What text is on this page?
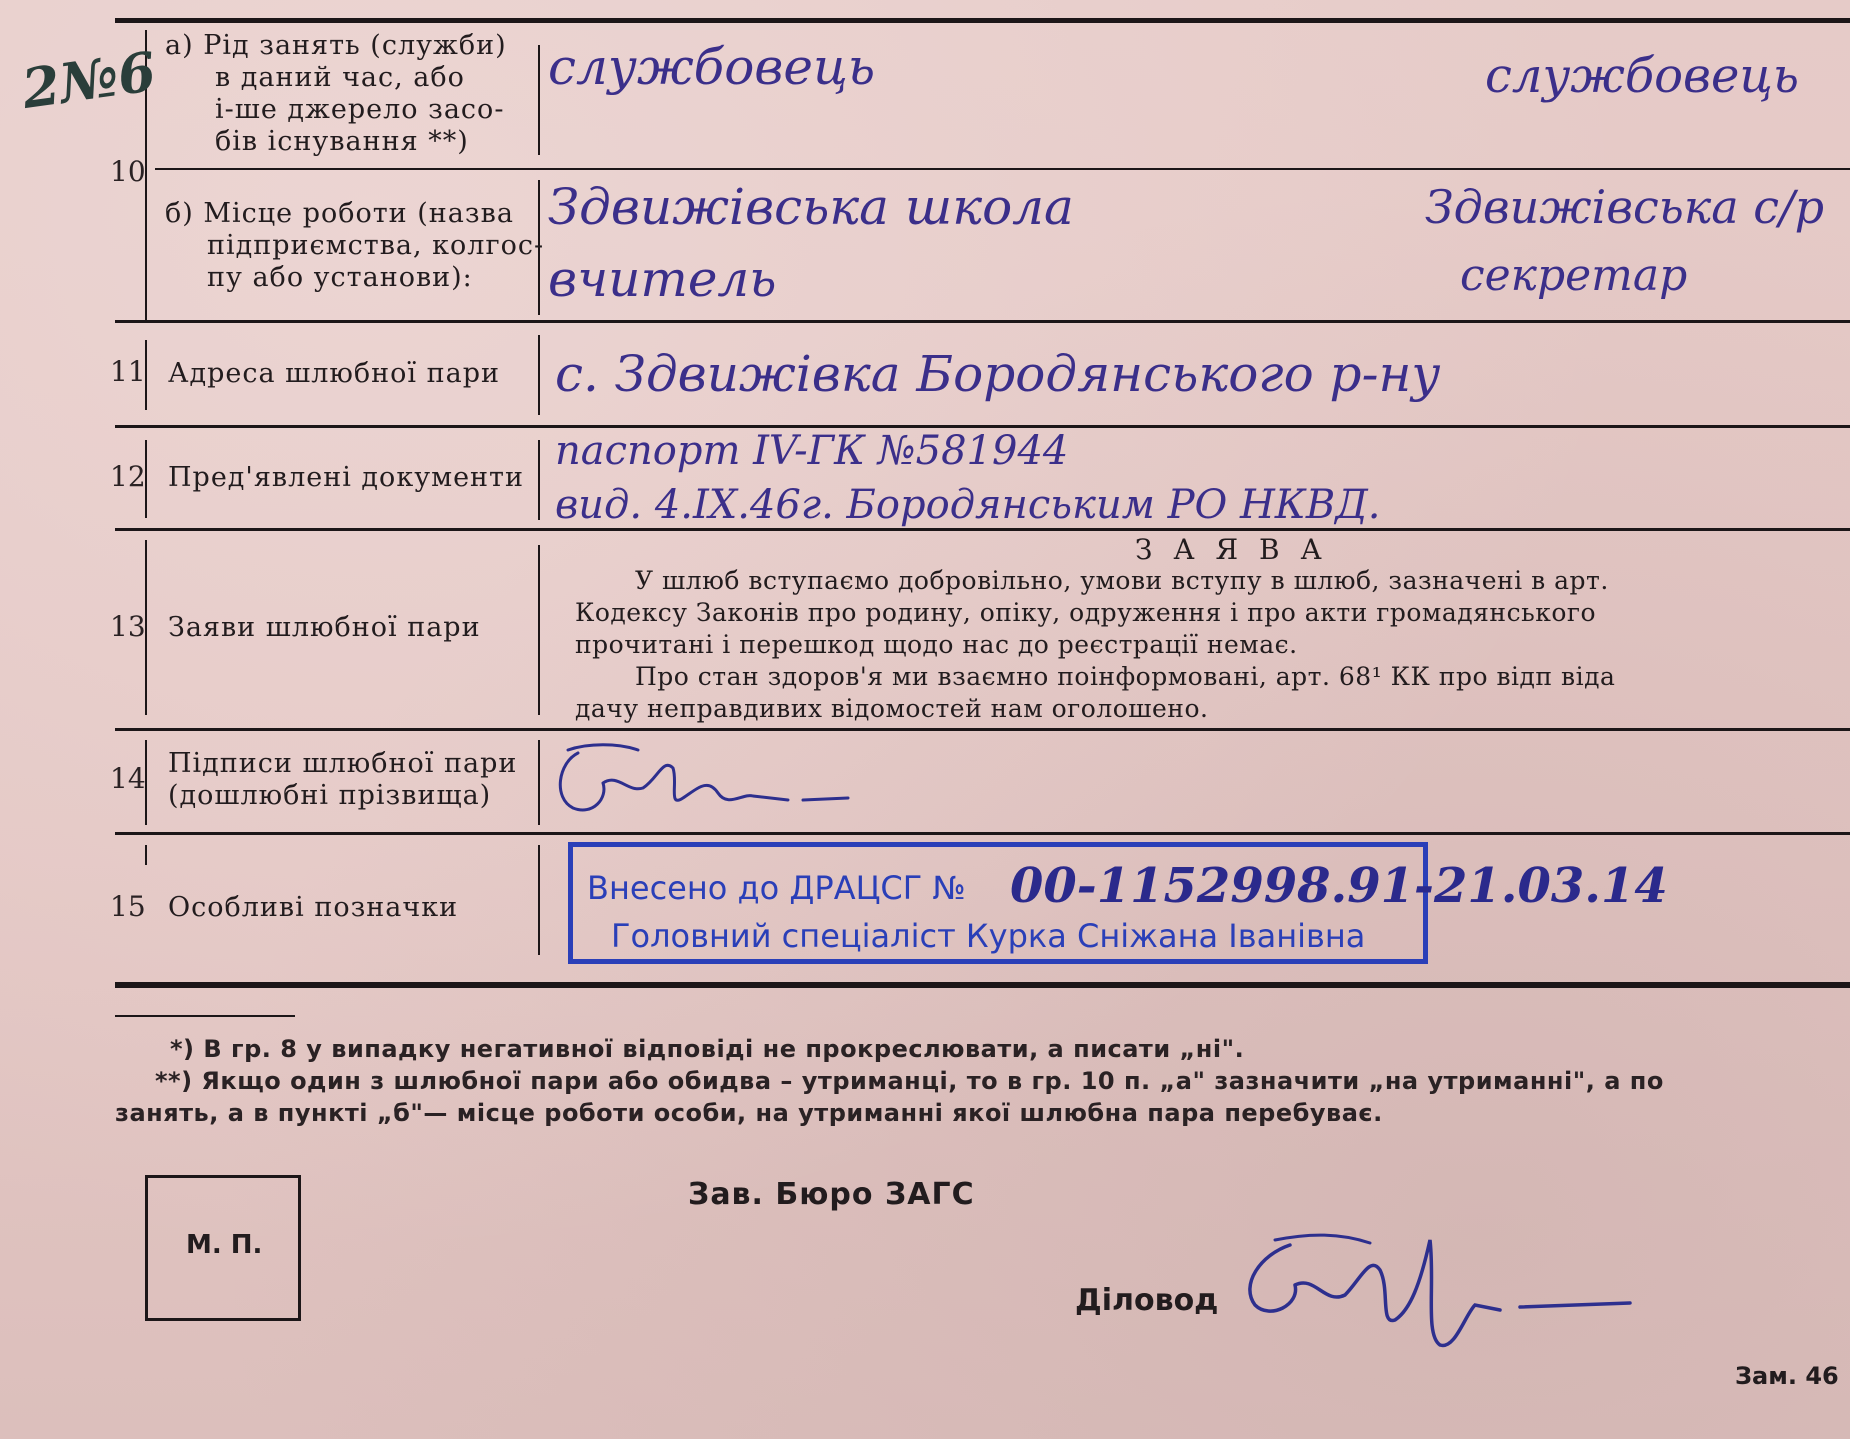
2№6
10
а) Рід занять (служби)
в даний час, або
і-ше джерело засо-
бів існування **)
службовець	службовець
б) Місце роботи (назва
підприємства, колгос-
пу або установи):
Здвижівська школа
вчитель
Здвижівська с/р
секретар
11 Адреса шлюбної пари с. Здвижівка Бородянського р-ну
12 Пред'явлені документи
паспорт IV-ГК №581944
вид. 4.IX.46г. Бородянським РО НКВД.
13 Заяви шлюбної пари
З А Я В А

У шлюб вступаємо добровільно, умови вступу в шлюб, зазначені в арт.

Кодексу Законів про родину, опіку, одруження і про акти громадянського

прочитані і перешкод щодо нас до реєстрації немає.

Про стан здоров'я ми взаємно поінформовані, арт. 68¹ КК про відп віда

дачу неправдивих відомостей нам оголошено.

14 Підписи шлюбної пари
(дошлюбні прізвища)
15 Особливі позначки
Внесено до ДРАЦСГ №
Головний спеціаліст Курка Сніжана Іванівна
00-1152998.91-21.03.14

*) В гр. 8 у випадку негативної відповіді не прокреслювати, а писати „ні".

**) Якщо один з шлюбної пари або обидва – утриманці, то в гр. 10 п. „а" зазначити „на утриманні", а по

занять, а в пункті „б"— місце роботи особи, на утриманні якої шлюбна пара перебуває.

М. П.
Зав. Бюро ЗАГС
Діловод
Зам. 46
